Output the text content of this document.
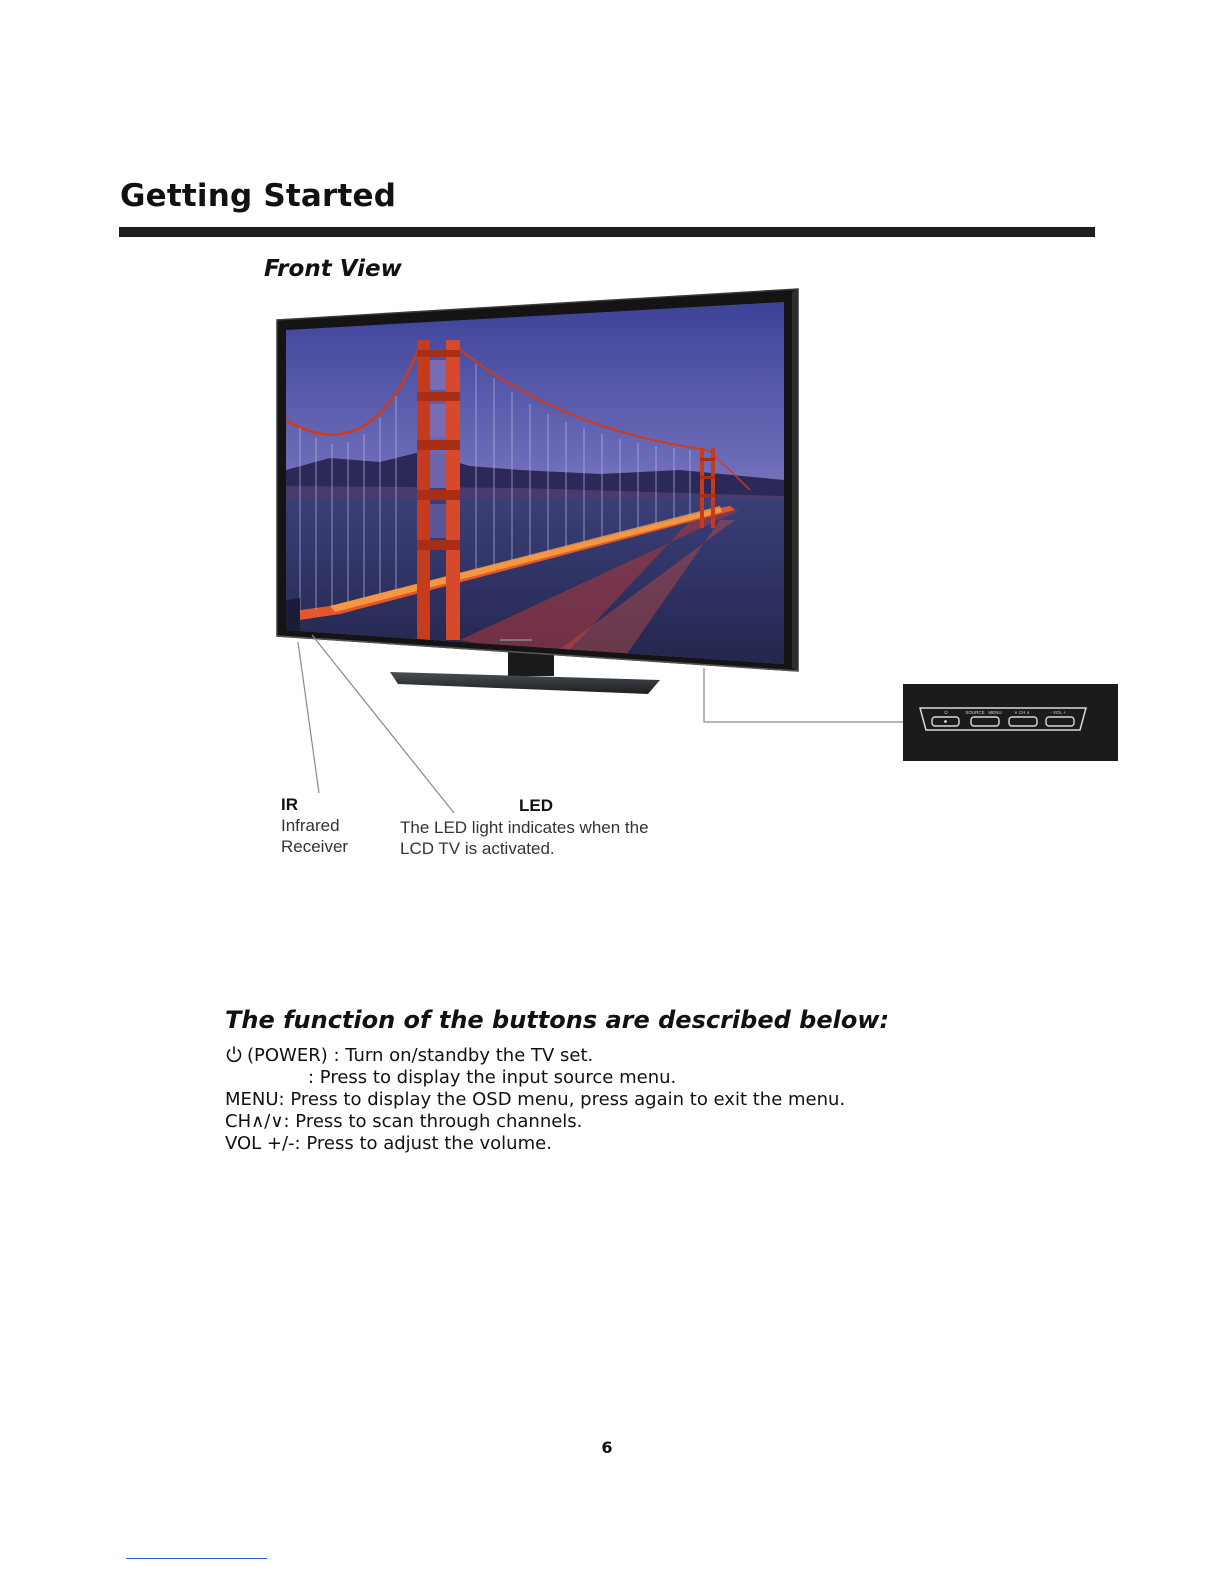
Getting Started
Front View
⏻	SOURCE MENU	∨ CH ∧	- VOL +
IR
Infrared
Receiver
LED
The LED light indicates when the
LCD TV is activated.
The function of the buttons are described below:
(POWER) : Turn on/standby the TV set.
: Press to display the input source menu.
MENU: Press to display the OSD menu, press again to exit the menu.
CH∧/∨: Press to scan through channels.
VOL +/-: Press to adjust the volume.
6
